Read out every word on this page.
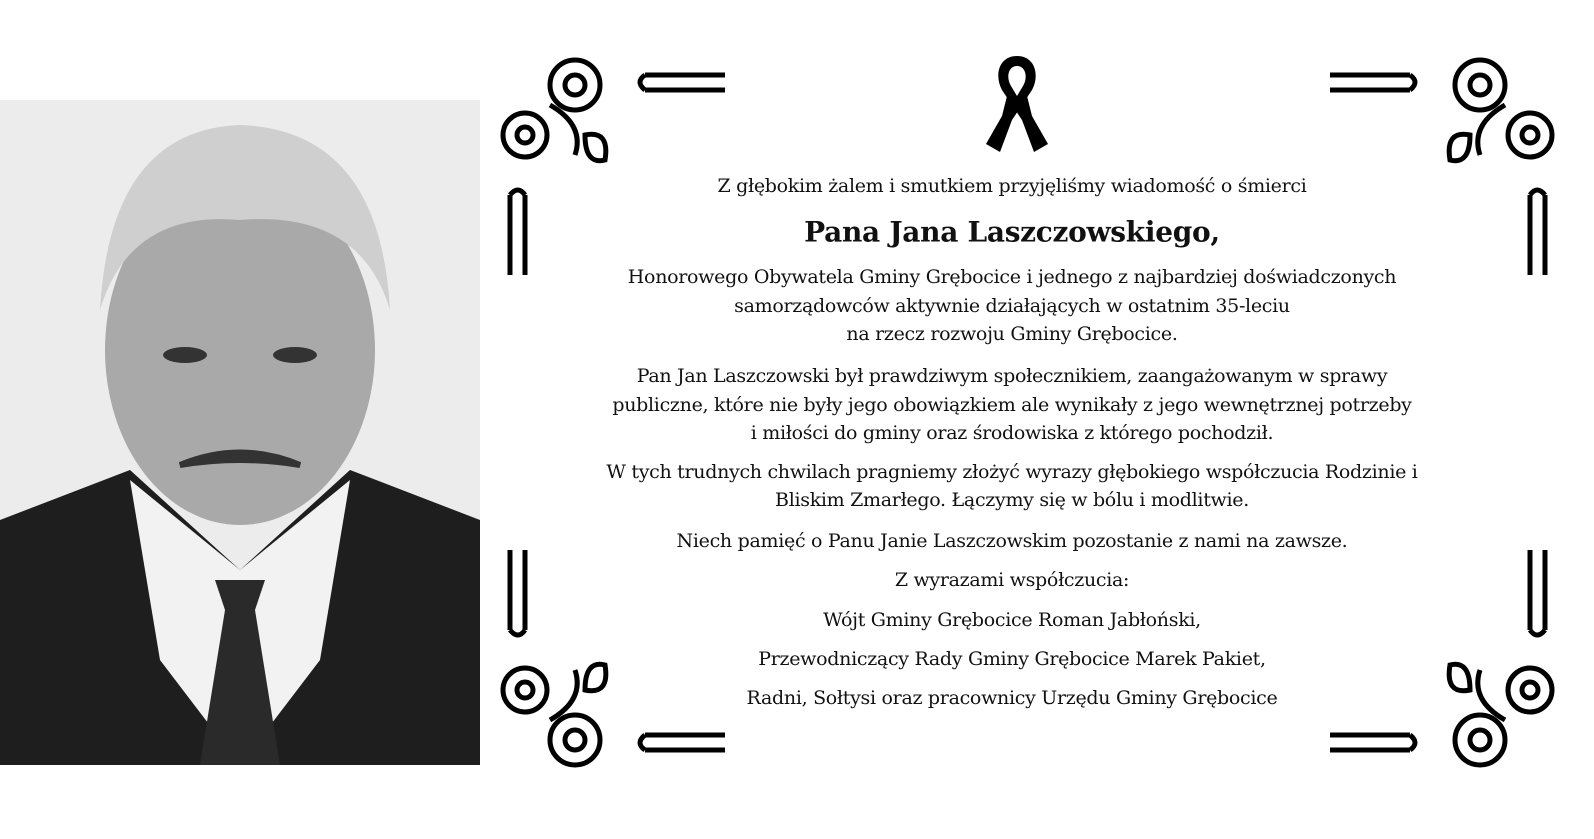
Z głębokim żalem i smutkiem przyjęliśmy wiadomość o śmierci
Pana Jana Laszczowskiego,
Honorowego Obywatela Gminy Grębocice i jednego z najbardziej doświadczonych
samorządowców aktywnie działających w ostatnim 35-leciu
na rzecz rozwoju Gminy Grębocice.
Pan Jan Laszczowski był prawdziwym społecznikiem, zaangażowanym w sprawy
publiczne, które nie były jego obowiązkiem ale wynikały z jego wewnętrznej potrzeby
i miłości do gminy oraz środowiska z którego pochodził.
W tych trudnych chwilach pragniemy złożyć wyrazy głębokiego współczucia Rodzinie i
Bliskim Zmarłego. Łączymy się w bólu i modlitwie.
Niech pamięć o Panu Janie Laszczowskim pozostanie z nami na zawsze.
Z wyrazami współczucia:
Wójt Gminy Grębocice Roman Jabłoński,
Przewodniczący Rady Gminy Grębocice Marek Pakiet,
Radni, Sołtysi oraz pracownicy Urzędu Gminy Grębocice
